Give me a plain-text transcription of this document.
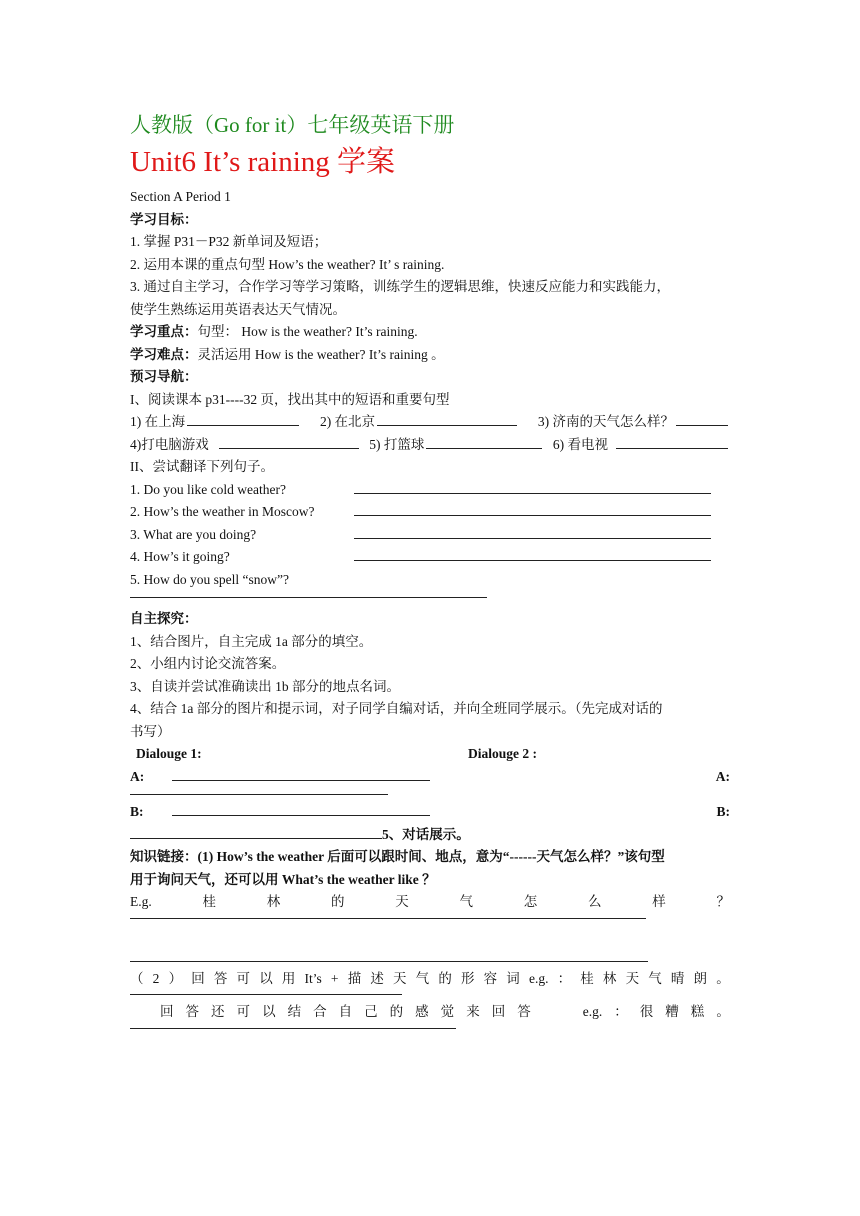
人教版（Go for it）七年级英语下册
Unit6 It’s raining 学案
Section A Period 1
学习目标：
1. 掌握 P31－P32 新单词及短语；
2. 运用本课的重点句型 How’s the weather? It’ s raining.
3. 通过自主学习，合作学习等学习策略，训练学生的逻辑思维，快速反应能力和实践能力，
使学生熟练运用英语表达天气情况。
学习重点：句型： How is the weather? It’s raining.
学习难点：灵活运用 How is the weather? It’s raining 。
预习导航：
I、阅读课本 p31----32 页，找出其中的短语和重要句型
1) 在上海	2) 在北京	3) 济南的天气怎么样？
4)打电脑游戏	5) 打篮球	6) 看电视
II、尝试翻译下列句子。
1. Do you like cold weather?
2. How’s the weather in Moscow?
3. What are you doing?
4. How’s it going?
5. How do you spell “snow”?
自主探究：
1、结合图片，自主完成 1a 部分的填空。
2、小组内讨论交流答案。
3、自读并尝试准确读出 1b 部分的地点名词。
4、结合 1a 部分的图片和提示词，对子同学自编对话，并向全班同学展示。（先完成对话的
书写）
Dialouge 1:	Dialouge 2 :
A:	A:
B:	B:
5、对话展示。
知识链接：(1) How’s the weather 后面可以跟时间、地点，意为“------天气怎么样？”该句型
用于询问天气，还可以用 What’s the weather like ？
E.g.	桂	林	的	天	气	怎	么	样	？
（ 2 ） 回 答 可 以 用 It’s + 描 述 天 气 的 形 容 词 e.g. ： 桂 林 天 气 晴 朗 。
回 答 还 可 以 结 合 自 己 的 感 觉 来 回 答	e.g. ： 很 糟 糕 。
